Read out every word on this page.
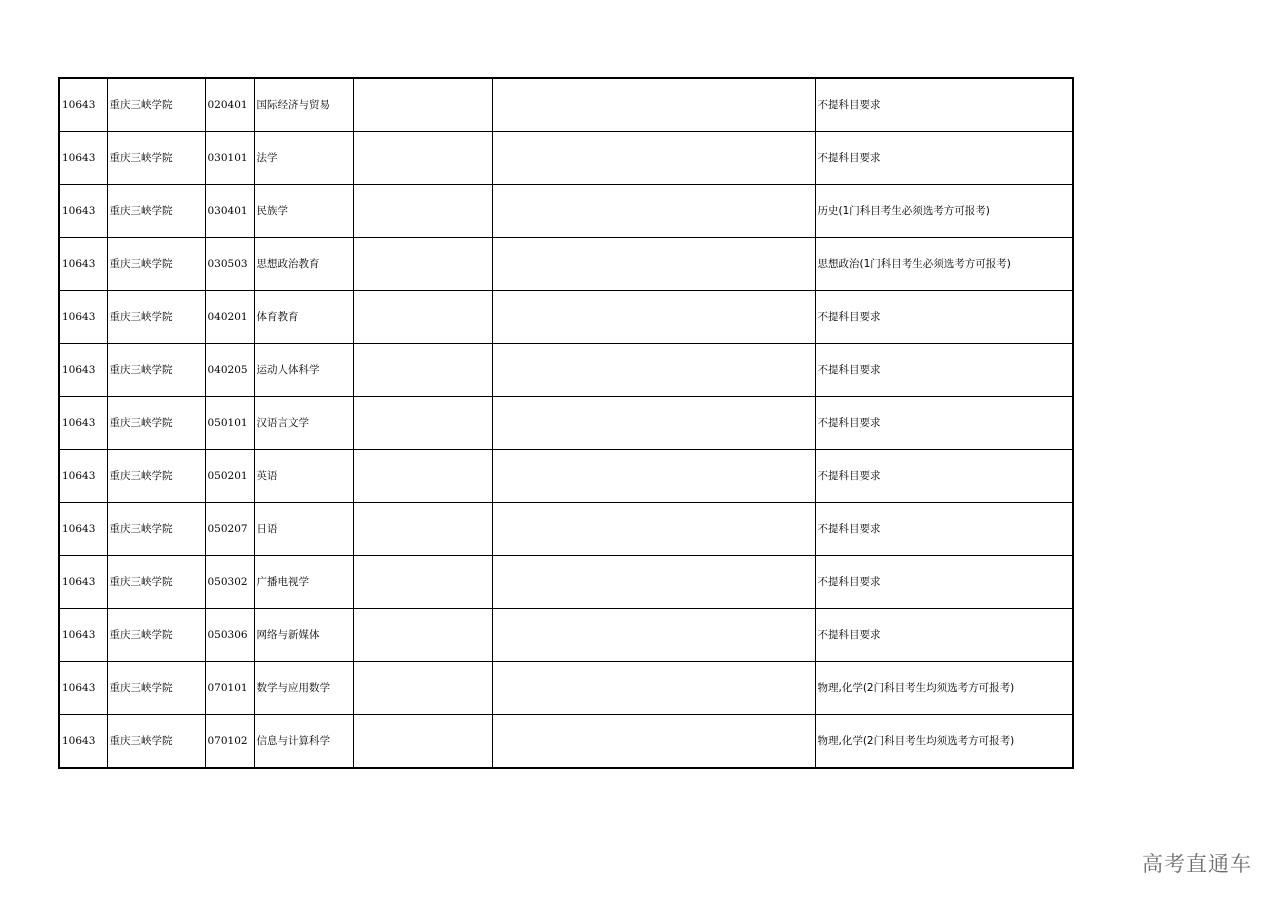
10643	重庆三峡学院	020401	国际经济与贸易			不提科目要求
10643	重庆三峡学院	030101	法学			不提科目要求
10643	重庆三峡学院	030401	民族学			历史(1门科目考生必须选考方可报考)
10643	重庆三峡学院	030503	思想政治教育			思想政治(1门科目考生必须选考方可报考)
10643	重庆三峡学院	040201	体育教育			不提科目要求
10643	重庆三峡学院	040205	运动人体科学			不提科目要求
10643	重庆三峡学院	050101	汉语言文学			不提科目要求
10643	重庆三峡学院	050201	英语			不提科目要求
10643	重庆三峡学院	050207	日语			不提科目要求
10643	重庆三峡学院	050302	广播电视学			不提科目要求
10643	重庆三峡学院	050306	网络与新媒体			不提科目要求
10643	重庆三峡学院	070101	数学与应用数学			物理,化学(2门科目考生均须选考方可报考)
10643	重庆三峡学院	070102	信息与计算科学			物理,化学(2门科目考生均须选考方可报考)
高考直通车
